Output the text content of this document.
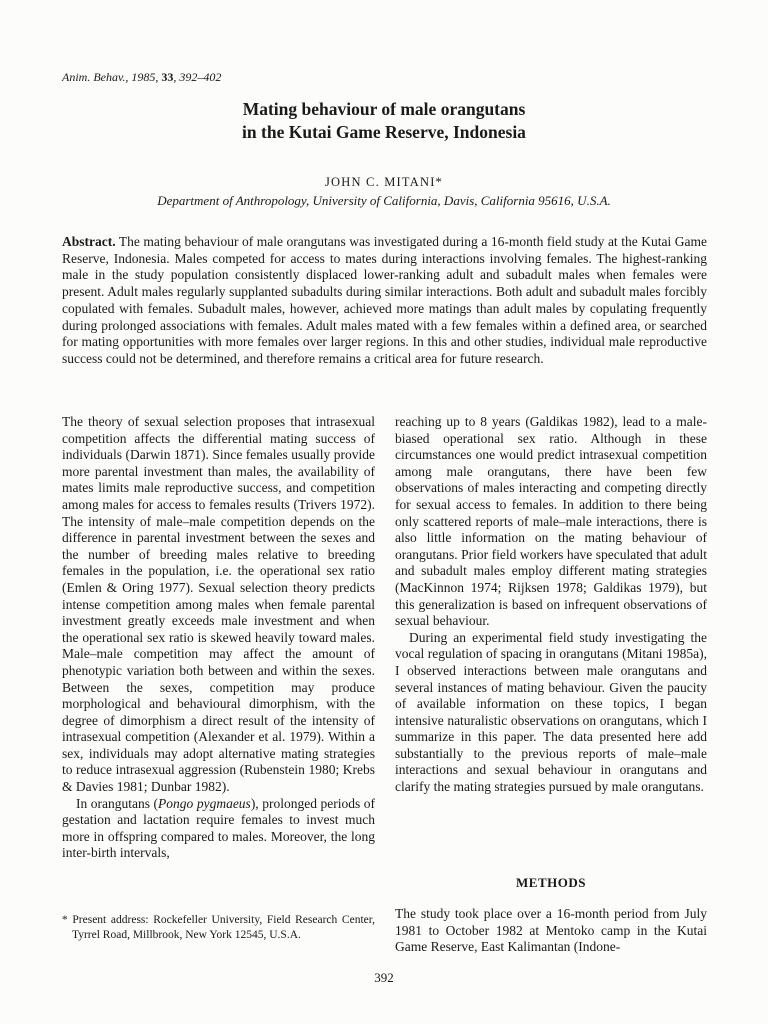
Anim. Behav., 1985, 33, 392–402
Mating behaviour of male orangutans
in the Kutai Game Reserve, Indonesia
JOHN C. MITANI*
Department of Anthropology, University of California, Davis, California 95616, U.S.A.
Abstract. The mating behaviour of male orangutans was investigated during a 16-month field study at the Kutai Game Reserve, Indonesia. Males competed for access to mates during interactions involving females. The highest-ranking male in the study population consistently displaced lower-ranking adult and subadult males when females were present. Adult males regularly supplanted subadults during similar interactions. Both adult and subadult males forcibly copulated with females. Subadult males, however, achieved more matings than adult males by copulating frequently during prolonged associations with females. Adult males mated with a few females within a defined area, or searched for mating opportunities with more females over larger regions. In this and other studies, individual male reproductive success could not be determined, and therefore remains a critical area for future research.

The theory of sexual selection proposes that intrasexual competition affects the differential mating success of individuals (Darwin 1871). Since females usually provide more parental investment than males, the availability of mates limits male reproductive success, and competition among males for access to females results (Trivers 1972). The intensity of male–male competition depends on the difference in parental investment between the sexes and the number of breeding males relative to breeding females in the population, i.e. the operational sex ratio (Emlen & Oring 1977). Sexual selection theory predicts intense competition among males when female parental investment greatly exceeds male investment and when the operational sex ratio is skewed heavily toward males. Male–male competition may affect the amount of phenotypic variation both between and within the sexes. Between the sexes, competition may produce morphological and behavioural dimorphism, with the degree of dimorphism a direct result of the intensity of intrasexual competition (Alexander et al. 1979). Within a sex, individuals may adopt alternative mating strategies to reduce intrasexual aggression (Rubenstein 1980; Krebs & Davies 1981; Dunbar 1982).

In orangutans (Pongo pygmaeus), prolonged periods of gestation and lactation require females to invest much more in offspring compared to males. Moreover, the long inter-birth intervals,

* Present address: Rockefeller University, Field Research Center, Tyrrel Road, Millbrook, New York 12545, U.S.A.

reaching up to 8 years (Galdikas 1982), lead to a male-biased operational sex ratio. Although in these circumstances one would predict intrasexual competition among male orangutans, there have been few observations of males interacting and competing directly for sexual access to females. In addition to there being only scattered reports of male–male interactions, there is also little information on the mating behaviour of orangutans. Prior field workers have speculated that adult and subadult males employ different mating strategies (MacKinnon 1974; Rijksen 1978; Galdikas 1979), but this generalization is based on infrequent observations of sexual behaviour.

During an experimental field study investigating the vocal regulation of spacing in orangutans (Mitani 1985a), I observed interactions between male orangutans and several instances of mating behaviour. Given the paucity of available information on these topics, I began intensive naturalistic observations on orangutans, which I summarize in this paper. The data presented here add substantially to the previous reports of male–male interactions and sexual behaviour in orangutans and clarify the mating strategies pursued by male orangutans.

METHODS

The study took place over a 16-month period from July 1981 to October 1982 at Mentoko camp in the Kutai Game Reserve, East Kalimantan (Indone-

392
